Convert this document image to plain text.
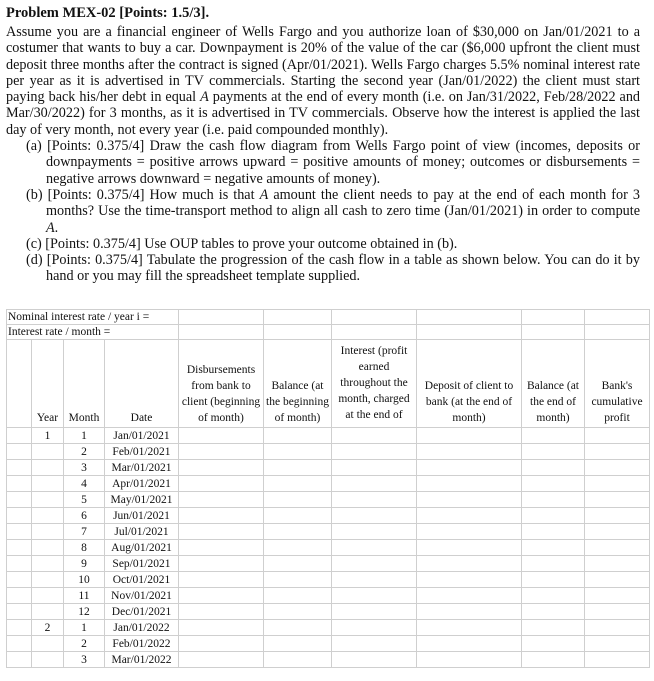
Problem MEX-02 [Points: 1.5/3].

Assume you are a financial engineer of Wells Fargo and you authorize loan of $30,000 on Jan/01/2021 to a costumer that wants to buy a car. Downpayment is 20% of the value of the car ($6,000 upfront the client must deposit three months after the contract is signed (Apr/01/2021). Wells Fargo charges 5.5% nominal interest rate per year as it is advertised in TV commercials. Starting the second year (Jan/01/2022) the client must start paying back his/her debt in equal A payments at the end of every month (i.e. on Jan/31/2022, Feb/28/2022 and Mar/30/2022) for 3 months, as it is advertised in TV commercials. Observe how the interest is applied the last day of very month, not every year (i.e. paid compounded monthly).

(a) [Points: 0.375/4] Draw the cash flow diagram from Wells Fargo point of view (incomes, deposits or downpayments = positive arrows upward = positive amounts of money; outcomes or disbursements = negative arrows downward = negative amounts of money).
(b) [Points: 0.375/4] How much is that A amount the client needs to pay at the end of each month for 3 months? Use the time-transport method to align all cash to zero time (Jan/01/2021) in order to compute A.
(c) [Points: 0.375/4] Use OUP tables to prove your outcome obtained in (b).
(d) [Points: 0.375/4] Tabulate the progression of the cash flow in a table as shown below. You can do it by hand or you may fill the spreadsheet template supplied.
Nominal interest rate / year i =									
Interest rate / month =									
	Year	Month	Date	Disbursements from bank to client (beginning of month)	Balance (at the beginning of month)	Interest (profit earned throughout the month, charged at the end of	Deposit of client to bank (at the end of month)	Balance (at the end of month)	Bank's cumulative profit
	1	1	Jan/01/2021						
		2	Feb/01/2021						
		3	Mar/01/2021						
		4	Apr/01/2021						
		5	May/01/2021						
		6	Jun/01/2021						
		7	Jul/01/2021						
		8	Aug/01/2021						
		9	Sep/01/2021						
		10	Oct/01/2021						
		11	Nov/01/2021						
		12	Dec/01/2021						
	2	1	Jan/01/2022						
		2	Feb/01/2022						
		3	Mar/01/2022						
